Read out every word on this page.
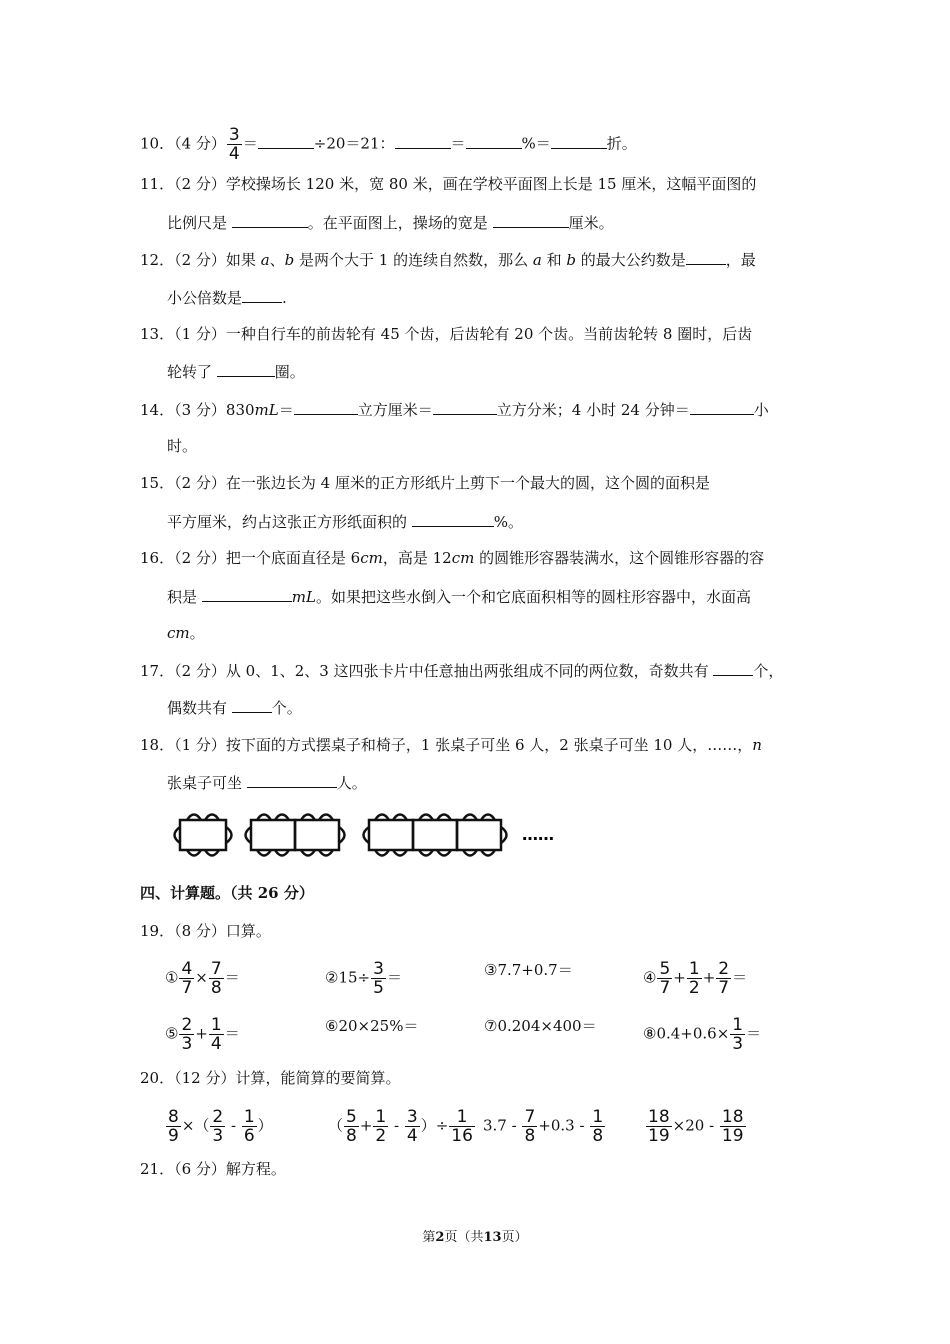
10．（4 分） $\frac{3}{4}$ ＝	÷20＝21：	＝	%＝	折。
11．（2 分）学校操场长 120 米，宽 80 米，画在学校平面图上长是 15 厘米，这幅平面图的
比例尺是	。在平面图上，操场的宽是	厘米。
12．（2 分）如果 a、b 是两个大于 1 的连续自然数，那么 a 和 b 的最大公约数是	，最
小公倍数是	.
13．（1 分）一种自行车的前齿轮有 45 个齿，后齿轮有 20 个齿。当前齿轮转 8 圈时，后齿
轮转了	圈。
14．（3 分）830mL＝	立方厘米＝	立方分米；4 小时 24 分钟＝	小
时。
15．（2 分）在一张边长为 4 厘米的正方形纸片上剪下一个最大的圆，这个圆的面积是
平方厘米，约占这张正方形纸面积的	%。
16．（2 分）把一个底面直径是 6cm，高是 12cm 的圆锥形容器装满水，这个圆锥形容器的容
积是	mL。如果把这些水倒入一个和它底面积相等的圆柱形容器中，水面高
cm。
17．（2 分）从 0、1、2、3 这四张卡片中任意抽出两张组成不同的两位数，奇数共有	个，
偶数共有	个。
18．（1 分）按下面的方式摆桌子和椅子，1 张桌子可坐 6 人，2 张桌子可坐 10 人，……，n
张桌子可坐	人。
……
四、计算题。（共 26 分）
19．（8 分）口算。
① $\frac{4}{7} \times \frac{7}{8}$ ＝	②15÷ $\frac{3}{5}$ ＝	③7.7+0.7＝	④ $\frac{5}{7} + \frac{1}{2} + \frac{2}{7}$ ＝
⑤ $\frac{2}{3} + \frac{1}{4}$ ＝	⑥20×25%＝	⑦0.204×400＝	⑧0.4+0.6× $\frac{1}{3}$ ＝
20．（12 分）计算，能简算的要简算。
$\frac{8}{9}$ ×（ $\frac{2}{3} - \frac{1}{6}$ ）	（ $\frac{5}{8} + \frac{1}{2} - \frac{3}{4}$ ）÷ $\frac{1}{16} 3.7 - \frac{7}{8} +0.3 - \frac{1}{8} \frac{18}{19} \times 20 - \frac{18}{19}$
21．（6 分）解方程。
第2页（共13页）
